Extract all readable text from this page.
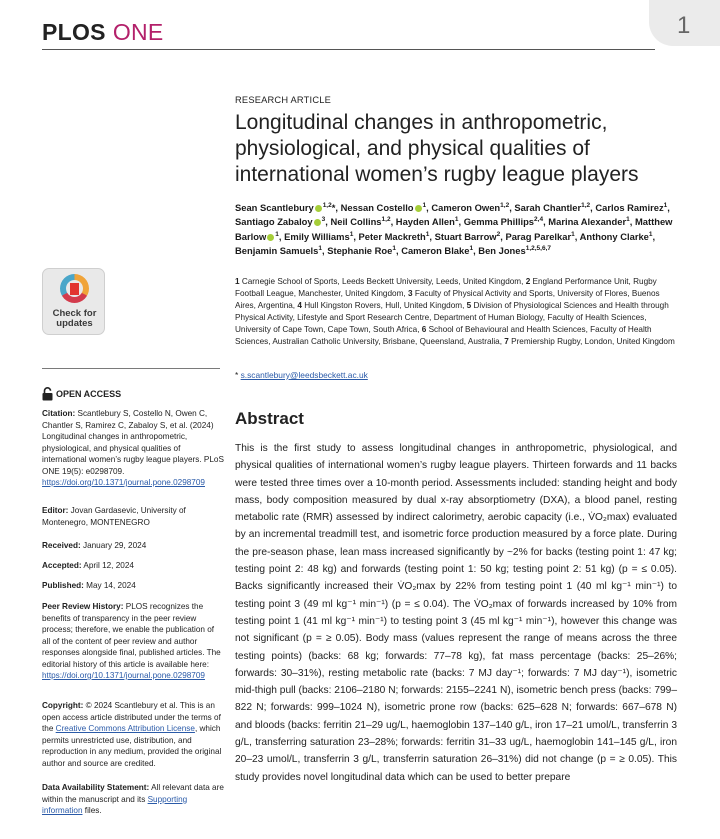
PLOS ONE	1
Check for updates
OPEN ACCESS
Citation: Scantlebury S, Costello N, Owen C, Chantler S, Ramirez C, Zabaloy S, et al. (2024) Longitudinal changes in anthropometric, physiological, and physical qualities of international women’s rugby league players. PLoS ONE 19(5): e0298709. https://doi.org/10.1371/journal.pone.0298709
Editor: Jovan Gardasevic, University of Montenegro, MONTENEGRO
Received: January 29, 2024
Accepted: April 12, 2024
Published: May 14, 2024
Peer Review History: PLOS recognizes the benefits of transparency in the peer review process; therefore, we enable the publication of all of the content of peer review and author responses alongside final, published articles. The editorial history of this article is available here: https://doi.org/10.1371/journal.pone.0298709
Copyright: © 2024 Scantlebury et al. This is an open access article distributed under the terms of the Creative Commons Attribution License, which permits unrestricted use, distribution, and reproduction in any medium, provided the original author and source are credited.
Data Availability Statement: All relevant data are within the manuscript and its Supporting information files.
RESEARCH ARTICLE
Longitudinal changes in anthropometric, physiological, and physical qualities of international women’s rugby league players
Sean Scantlebury $^{1,2}$*, Nessan Costello $^1$, Cameron Owen$^{1,2}$, Sarah Chantler$^{1,2}$, Carlos Ramirez$^1$, Santiago Zabaloy $^3$, Neil Collins$^{1,2}$, Hayden Allen$^1$, Gemma Phillips$^{2,4}$, Marina Alexander$^1$, Matthew Barlow $^1$, Emily Williams$^1$, Peter Mackreth$^1$, Stuart Barrow$^2$, Parag Parelkar$^1$, Anthony Clarke$^1$, Benjamin Samuels$^1$, Stephanie Roe$^1$, Cameron Blake$^1$, Ben Jones$^{1,2,5,6,7}$
1 Carnegie School of Sports, Leeds Beckett University, Leeds, United Kingdom, 2 England Performance Unit, Rugby Football League, Manchester, United Kingdom, 3 Faculty of Physical Activity and Sports, University of Flores, Buenos Aires, Argentina, 4 Hull Kingston Rovers, Hull, United Kingdom, 5 Division of Physiological Sciences and Health through Physical Activity, Lifestyle and Sport Research Centre, Department of Human Biology, Faculty of Health Sciences, University of Cape Town, Cape Town, South Africa, 6 School of Behavioural and Health Sciences, Faculty of Health Sciences, Australian Catholic University, Brisbane, Queensland, Australia, 7 Premiership Rugby, London, United Kingdom
* s.scantlebury@leedsbeckett.ac.uk
Abstract

This is the first study to assess longitudinal changes in anthropometric, physiological, and physical qualities of international women’s rugby league players. Thirteen forwards and 11 backs were tested three times over a 10-month period. Assessments included: standing height and body mass, body composition measured by dual x-ray absorptiometry (DXA), a blood panel, resting metabolic rate (RMR) assessed by indirect calorimetry, aerobic capacity (i.e., V̇O₂max) evaluated by an incremental treadmill test, and isometric force production measured by a force plate. During the pre-season phase, lean mass increased significantly by ~2% for backs (testing point 1: 47 kg; testing point 2: 48 kg) and forwards (testing point 1: 50 kg; testing point 2: 51 kg) (p = ≤ 0.05). Backs significantly increased their V̇O₂max by 22% from testing point 1 (40 ml kg⁻¹ min⁻¹) to testing point 3 (49 ml kg⁻¹ min⁻¹) (p = ≤ 0.04). The V̇O₂max of forwards increased by 10% from testing point 1 (41 ml kg⁻¹ min⁻¹) to testing point 3 (45 ml kg⁻¹ min⁻¹), however this change was not significant (p = ≥ 0.05). Body mass (values represent the range of means across the three testing points) (backs: 68 kg; forwards: 77–78 kg), fat mass percentage (backs: 25–26%; forwards: 30–31%), resting metabolic rate (backs: 7 MJ day⁻¹; forwards: 7 MJ day⁻¹), isometric mid-thigh pull (backs: 2106–2180 N; forwards: 2155–2241 N), isometric bench press (backs: 799–822 N; forwards: 999–1024 N), isometric prone row (backs: 625–628 N; forwards: 667–678 N) and bloods (backs: ferritin 21–29 ug/L, haemoglobin 137–140 g/L, iron 17–21 umol/L, transferrin 3 g/L, transferring saturation 23–28%; forwards: ferritin 31–33 ug/L, haemoglobin 141–145 g/L, iron 20–23 umol/L, transferrin 3 g/L, transferrin saturation 26–31%) did not change (p = ≥ 0.05). This study provides novel longitudinal data which can be used to better prepare
